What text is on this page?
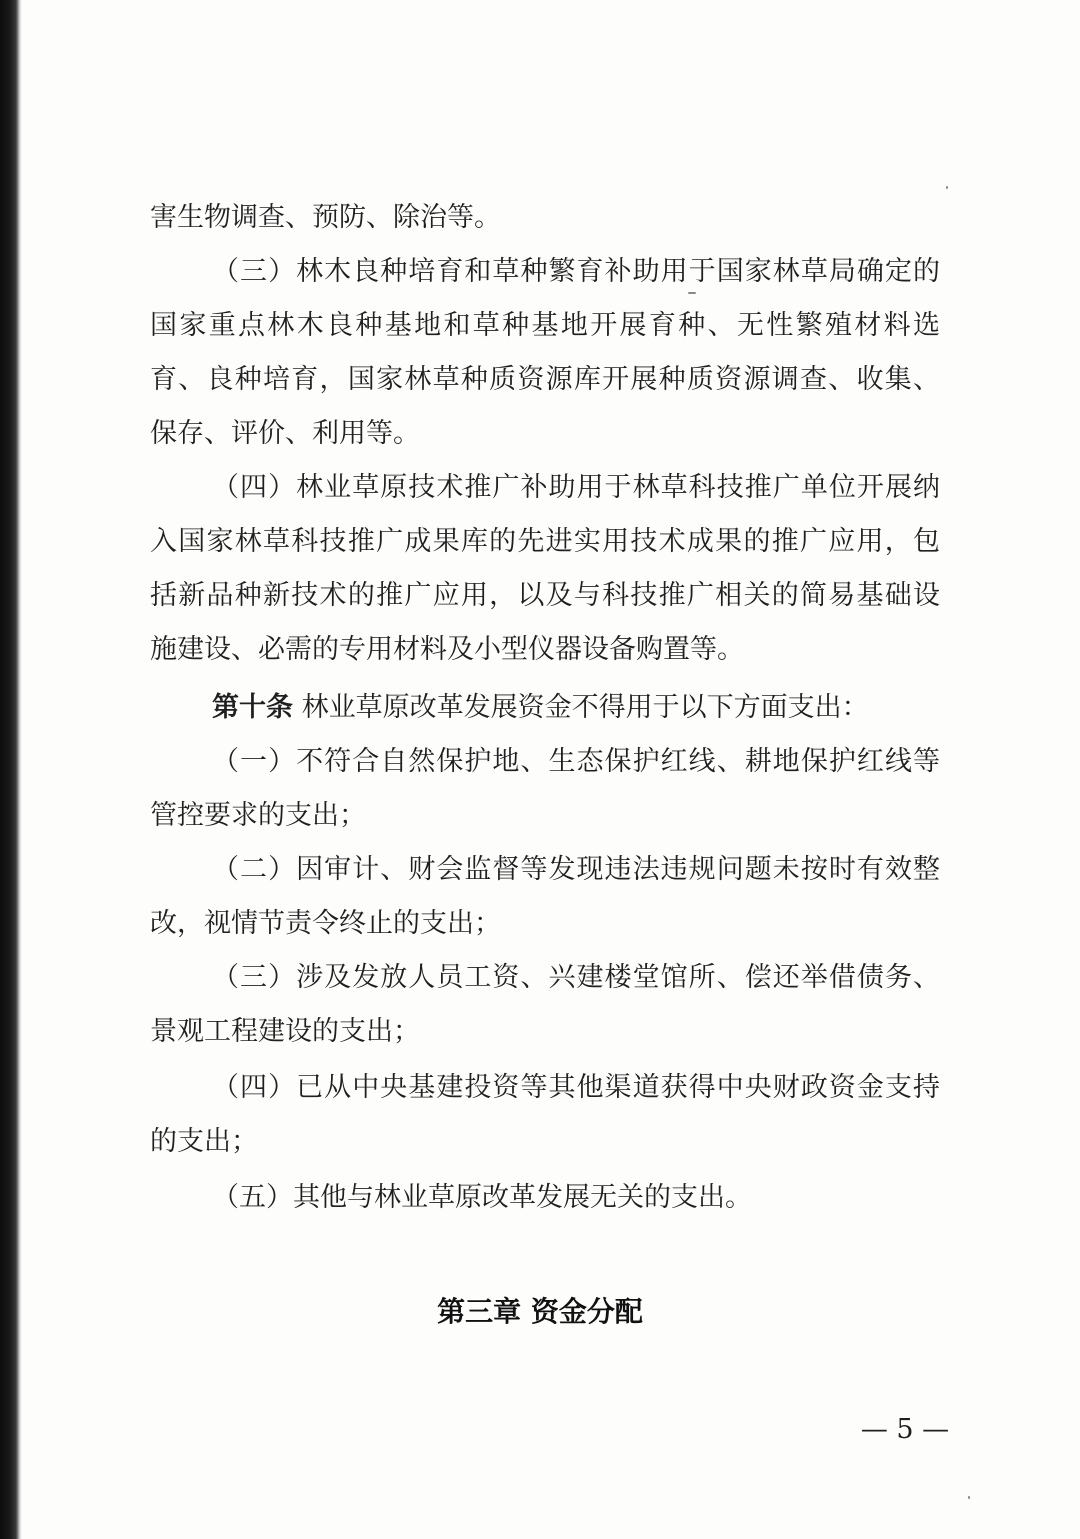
害生物调查、预防、除治等。
（三）林木良种培育和草种繁育补助用于国家林草局确定的
国家重点林木良种基地和草种基地开展育种、无性繁殖材料选
育、良种培育，国家林草种质资源库开展种质资源调查、收集、
保存、评价、利用等。
（四）林业草原技术推广补助用于林草科技推广单位开展纳
入国家林草科技推广成果库的先进实用技术成果的推广应用，包
括新品种新技术的推广应用，以及与科技推广相关的简易基础设
施建设、必需的专用材料及小型仪器设备购置等。
第十条 林业草原改革发展资金不得用于以下方面支出：
（一）不符合自然保护地、生态保护红线、耕地保护红线等
管控要求的支出；
（二）因审计、财会监督等发现违法违规问题未按时有效整
改，视情节责令终止的支出；
（三）涉及发放人员工资、兴建楼堂馆所、偿还举借债务、
景观工程建设的支出；
（四）已从中央基建投资等其他渠道获得中央财政资金支持
的支出；
（五）其他与林业草原改革发展无关的支出。
第三章 资金分配
— 5 —
